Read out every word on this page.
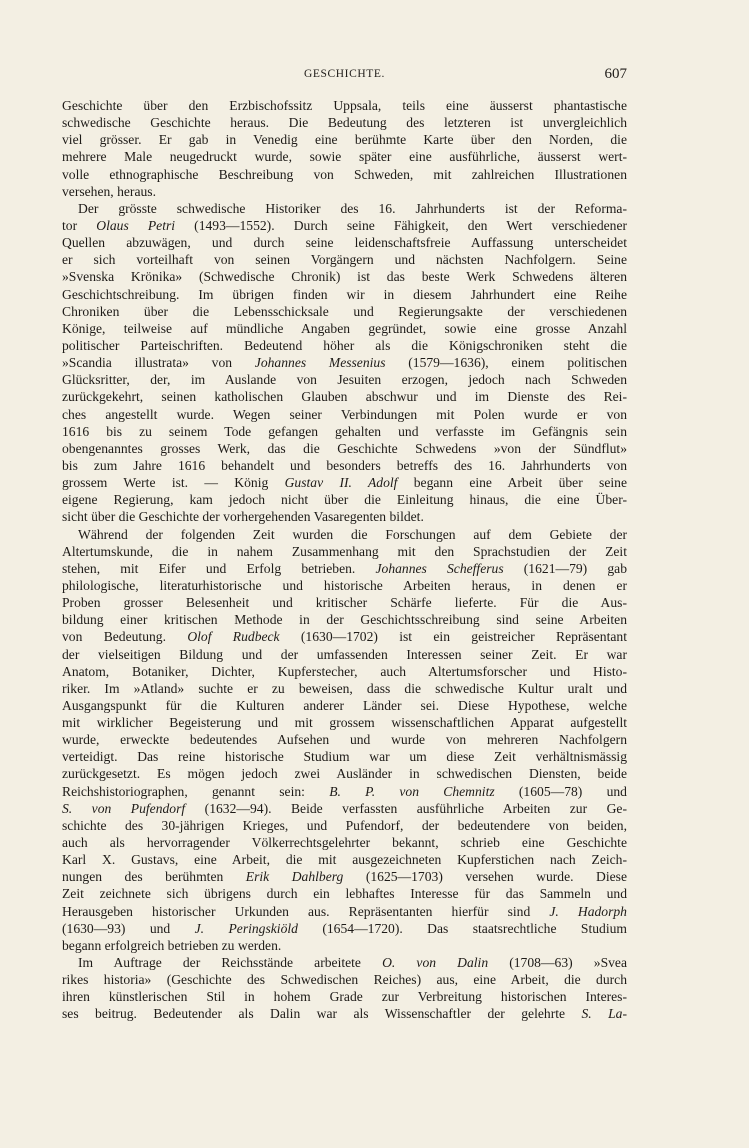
GESCHICHTE.	607
Geschichte über den Erzbischofssitz Uppsala, teils eine äusserst phantastische
schwedische Geschichte heraus. Die Bedeutung des letzteren ist unvergleichlich
viel grösser. Er gab in Venedig eine berühmte Karte über den Norden, die
mehrere Male neugedruckt wurde, sowie später eine ausführliche, äusserst wert-
volle ethnographische Beschreibung von Schweden, mit zahlreichen Illustrationen
versehen, heraus.
Der grösste schwedische Historiker des 16. Jahrhunderts ist der Reforma-
tor Olaus Petri (1493—1552). Durch seine Fähigkeit, den Wert verschiedener
Quellen abzuwägen, und durch seine leidenschaftsfreie Auffassung unterscheidet
er sich vorteilhaft von seinen Vorgängern und nächsten Nachfolgern. Seine
»Svenska Krönika» (Schwedische Chronik) ist das beste Werk Schwedens älteren
Geschichtschreibung. Im übrigen finden wir in diesem Jahrhundert eine Reihe
Chroniken über die Lebensschicksale und Regierungsakte der verschiedenen
Könige, teilweise auf mündliche Angaben gegründet, sowie eine grosse Anzahl
politischer Parteischriften. Bedeutend höher als die Königschroniken steht die
»Scandia illustrata» von Johannes Messenius (1579—1636), einem politischen
Glücksritter, der, im Auslande von Jesuiten erzogen, jedoch nach Schweden
zurückgekehrt, seinen katholischen Glauben abschwur und im Dienste des Rei-
ches angestellt wurde. Wegen seiner Verbindungen mit Polen wurde er von
1616 bis zu seinem Tode gefangen gehalten und verfasste im Gefängnis sein
obengenanntes grosses Werk, das die Geschichte Schwedens »von der Sündflut»
bis zum Jahre 1616 behandelt und besonders betreffs des 16. Jahrhunderts von
grossem Werte ist. — König Gustav II. Adolf begann eine Arbeit über seine
eigene Regierung, kam jedoch nicht über die Einleitung hinaus, die eine Über-
sicht über die Geschichte der vorhergehenden Vasaregenten bildet.
Während der folgenden Zeit wurden die Forschungen auf dem Gebiete der
Altertumskunde, die in nahem Zusammenhang mit den Sprachstudien der Zeit
stehen, mit Eifer und Erfolg betrieben. Johannes Schefferus (1621—79) gab
philologische, literaturhistorische und historische Arbeiten heraus, in denen er
Proben grosser Belesenheit und kritischer Schärfe lieferte. Für die Aus-
bildung einer kritischen Methode in der Geschichtsschreibung sind seine Arbeiten
von Bedeutung. Olof Rudbeck (1630—1702) ist ein geistreicher Repräsentant
der vielseitigen Bildung und der umfassenden Interessen seiner Zeit. Er war
Anatom, Botaniker, Dichter, Kupferstecher, auch Altertumsforscher und Histo-
riker. Im »Atland» suchte er zu beweisen, dass die schwedische Kultur uralt und
Ausgangspunkt für die Kulturen anderer Länder sei. Diese Hypothese, welche
mit wirklicher Begeisterung und mit grossem wissenschaftlichen Apparat aufgestellt
wurde, erweckte bedeutendes Aufsehen und wurde von mehreren Nachfolgern
verteidigt. Das reine historische Studium war um diese Zeit verhältnismässig
zurückgesetzt. Es mögen jedoch zwei Ausländer in schwedischen Diensten, beide
Reichshistoriographen, genannt sein: B. P. von Chemnitz (1605—78) und
S. von Pufendorf (1632—94). Beide verfassten ausführliche Arbeiten zur Ge-
schichte des 30-jährigen Krieges, und Pufendorf, der bedeutendere von beiden,
auch als hervorragender Völkerrechtsgelehrter bekannt, schrieb eine Geschichte
Karl X. Gustavs, eine Arbeit, die mit ausgezeichneten Kupferstichen nach Zeich-
nungen des berühmten Erik Dahlberg (1625—1703) versehen wurde. Diese
Zeit zeichnete sich übrigens durch ein lebhaftes Interesse für das Sammeln und
Herausgeben historischer Urkunden aus. Repräsentanten hierfür sind J. Hadorph
(1630—93) und J. Peringskiöld (1654—1720). Das staatsrechtliche Studium
begann erfolgreich betrieben zu werden.
Im Auftrage der Reichsstände arbeitete O. von Dalin (1708—63) »Svea
rikes historia» (Geschichte des Schwedischen Reiches) aus, eine Arbeit, die durch
ihren künstlerischen Stil in hohem Grade zur Verbreitung historischen Interes-
ses beitrug. Bedeutender als Dalin war als Wissenschaftler der gelehrte S. La-
